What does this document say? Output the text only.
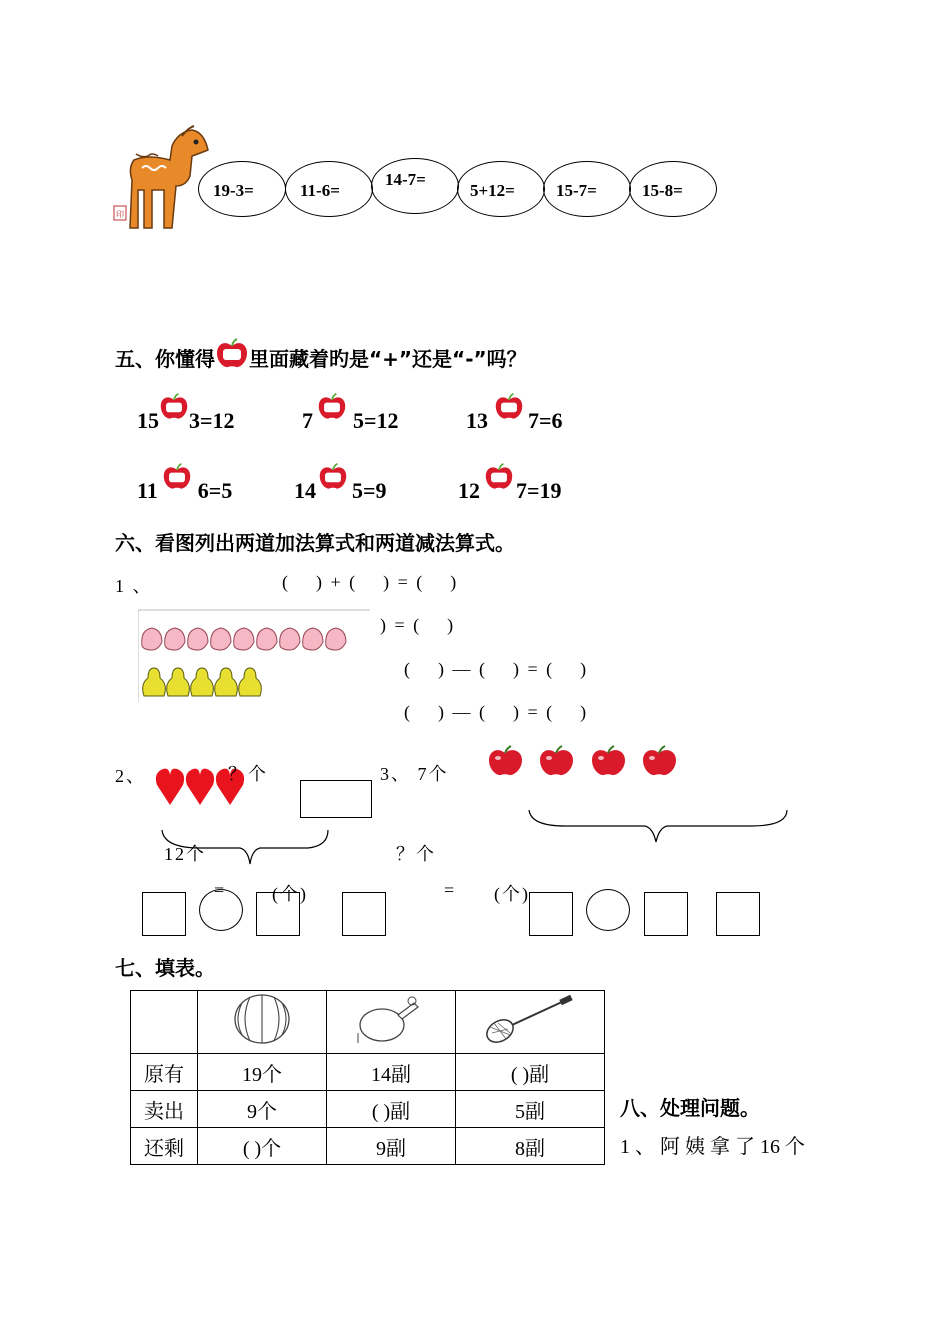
印
19-3=	11-6=
14-7=
5+12= 15-7=	15-8=
五、你懂得 里面藏着旳是“+”还是“-”吗？
15 3=12	7 5=12	13 7=6
11 6=5	14 5=9	12 7=19
六、看图列出两道加法算式和两道减法算式。
1 、	(    ) + (    ) = (    )
) = (    )
(    ) — (    ) = (    )
(    ) — (    ) = (    )
2、	？个
12个
3、 7个
？个
=	(个)	= (个)
七、填表。

原有	19个	14副	( )副
卖出	9个	( )副	5副
还剩	( )个	9副	8副
八、处理问题。
1 、 阿 姨 拿 了 16 个
